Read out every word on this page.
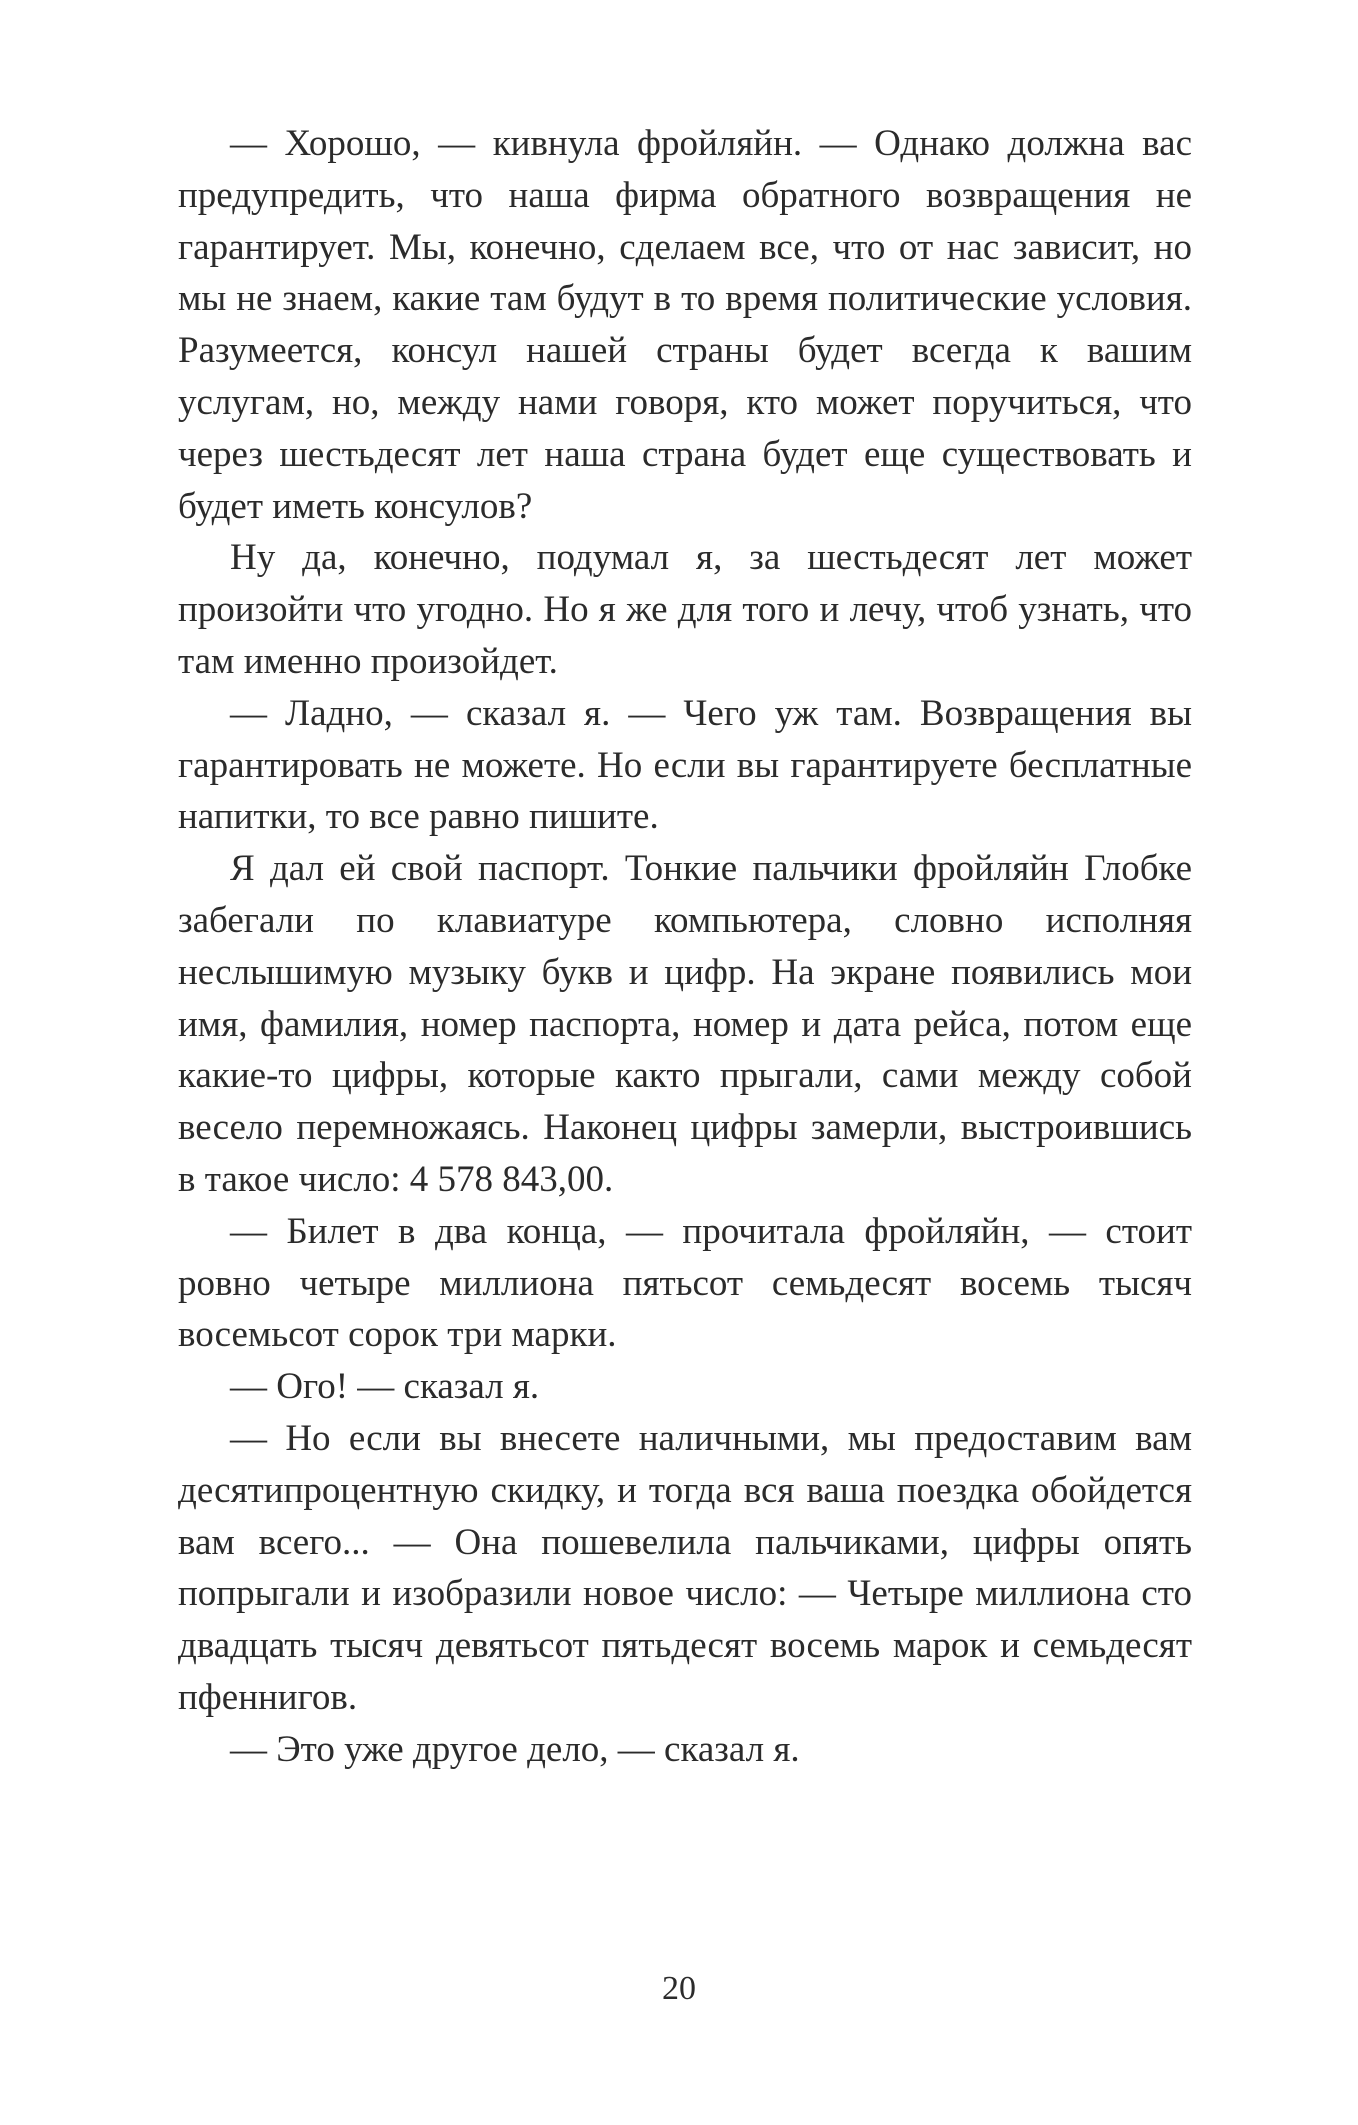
— Хорошо, — кивнула фройляйн. — Однако должна вас предупредить, что наша фирма обратного возвращения не гарантирует. Мы, конечно, сделаем все, что от нас зависит, но мы не знаем, какие там будут в то время политические условия. Разумеется, консул нашей страны будет всегда к вашим услугам, но, между нами говоря, кто может поручиться, что через шестьдесят лет наша страна будет еще существовать и будет иметь консулов?

Ну да, конечно, подумал я, за шестьдесят лет может произойти что угодно. Но я же для того и лечу, чтоб узнать, что там именно произойдет.

— Ладно, — сказал я. — Чего уж там. Возвращения вы гарантировать не можете. Но если вы гарантируете бесплатные напитки, то все равно пишите.

Я дал ей свой паспорт. Тонкие пальчики фройляйн Глобке забегали по клавиатуре компьютера, словно исполняя неслышимую музыку букв и цифр. На экране появились мои имя, фамилия, номер паспорта, номер и дата рейса, потом еще какие-то цифры, которые както прыгали, сами между собой весело перемножаясь. Наконец цифры замерли, выстроившись в такое число: 4 578 843,00.

— Билет в два конца, — прочитала фройляйн, — стоит ровно четыре миллиона пятьсот семьдесят восемь тысяч восемьсот сорок три марки.

— Ого! — сказал я.

— Но если вы внесете наличными, мы предоставим вам десятипроцентную скидку, и тогда вся ваша поездка обойдется вам всего... — Она пошевелила пальчиками, цифры опять попрыгали и изобразили новое число: — Четыре миллиона сто двадцать тысяч девятьсот пятьдесят восемь марок и семьдесят пфеннигов.

— Это уже другое дело, — сказал я.

20
